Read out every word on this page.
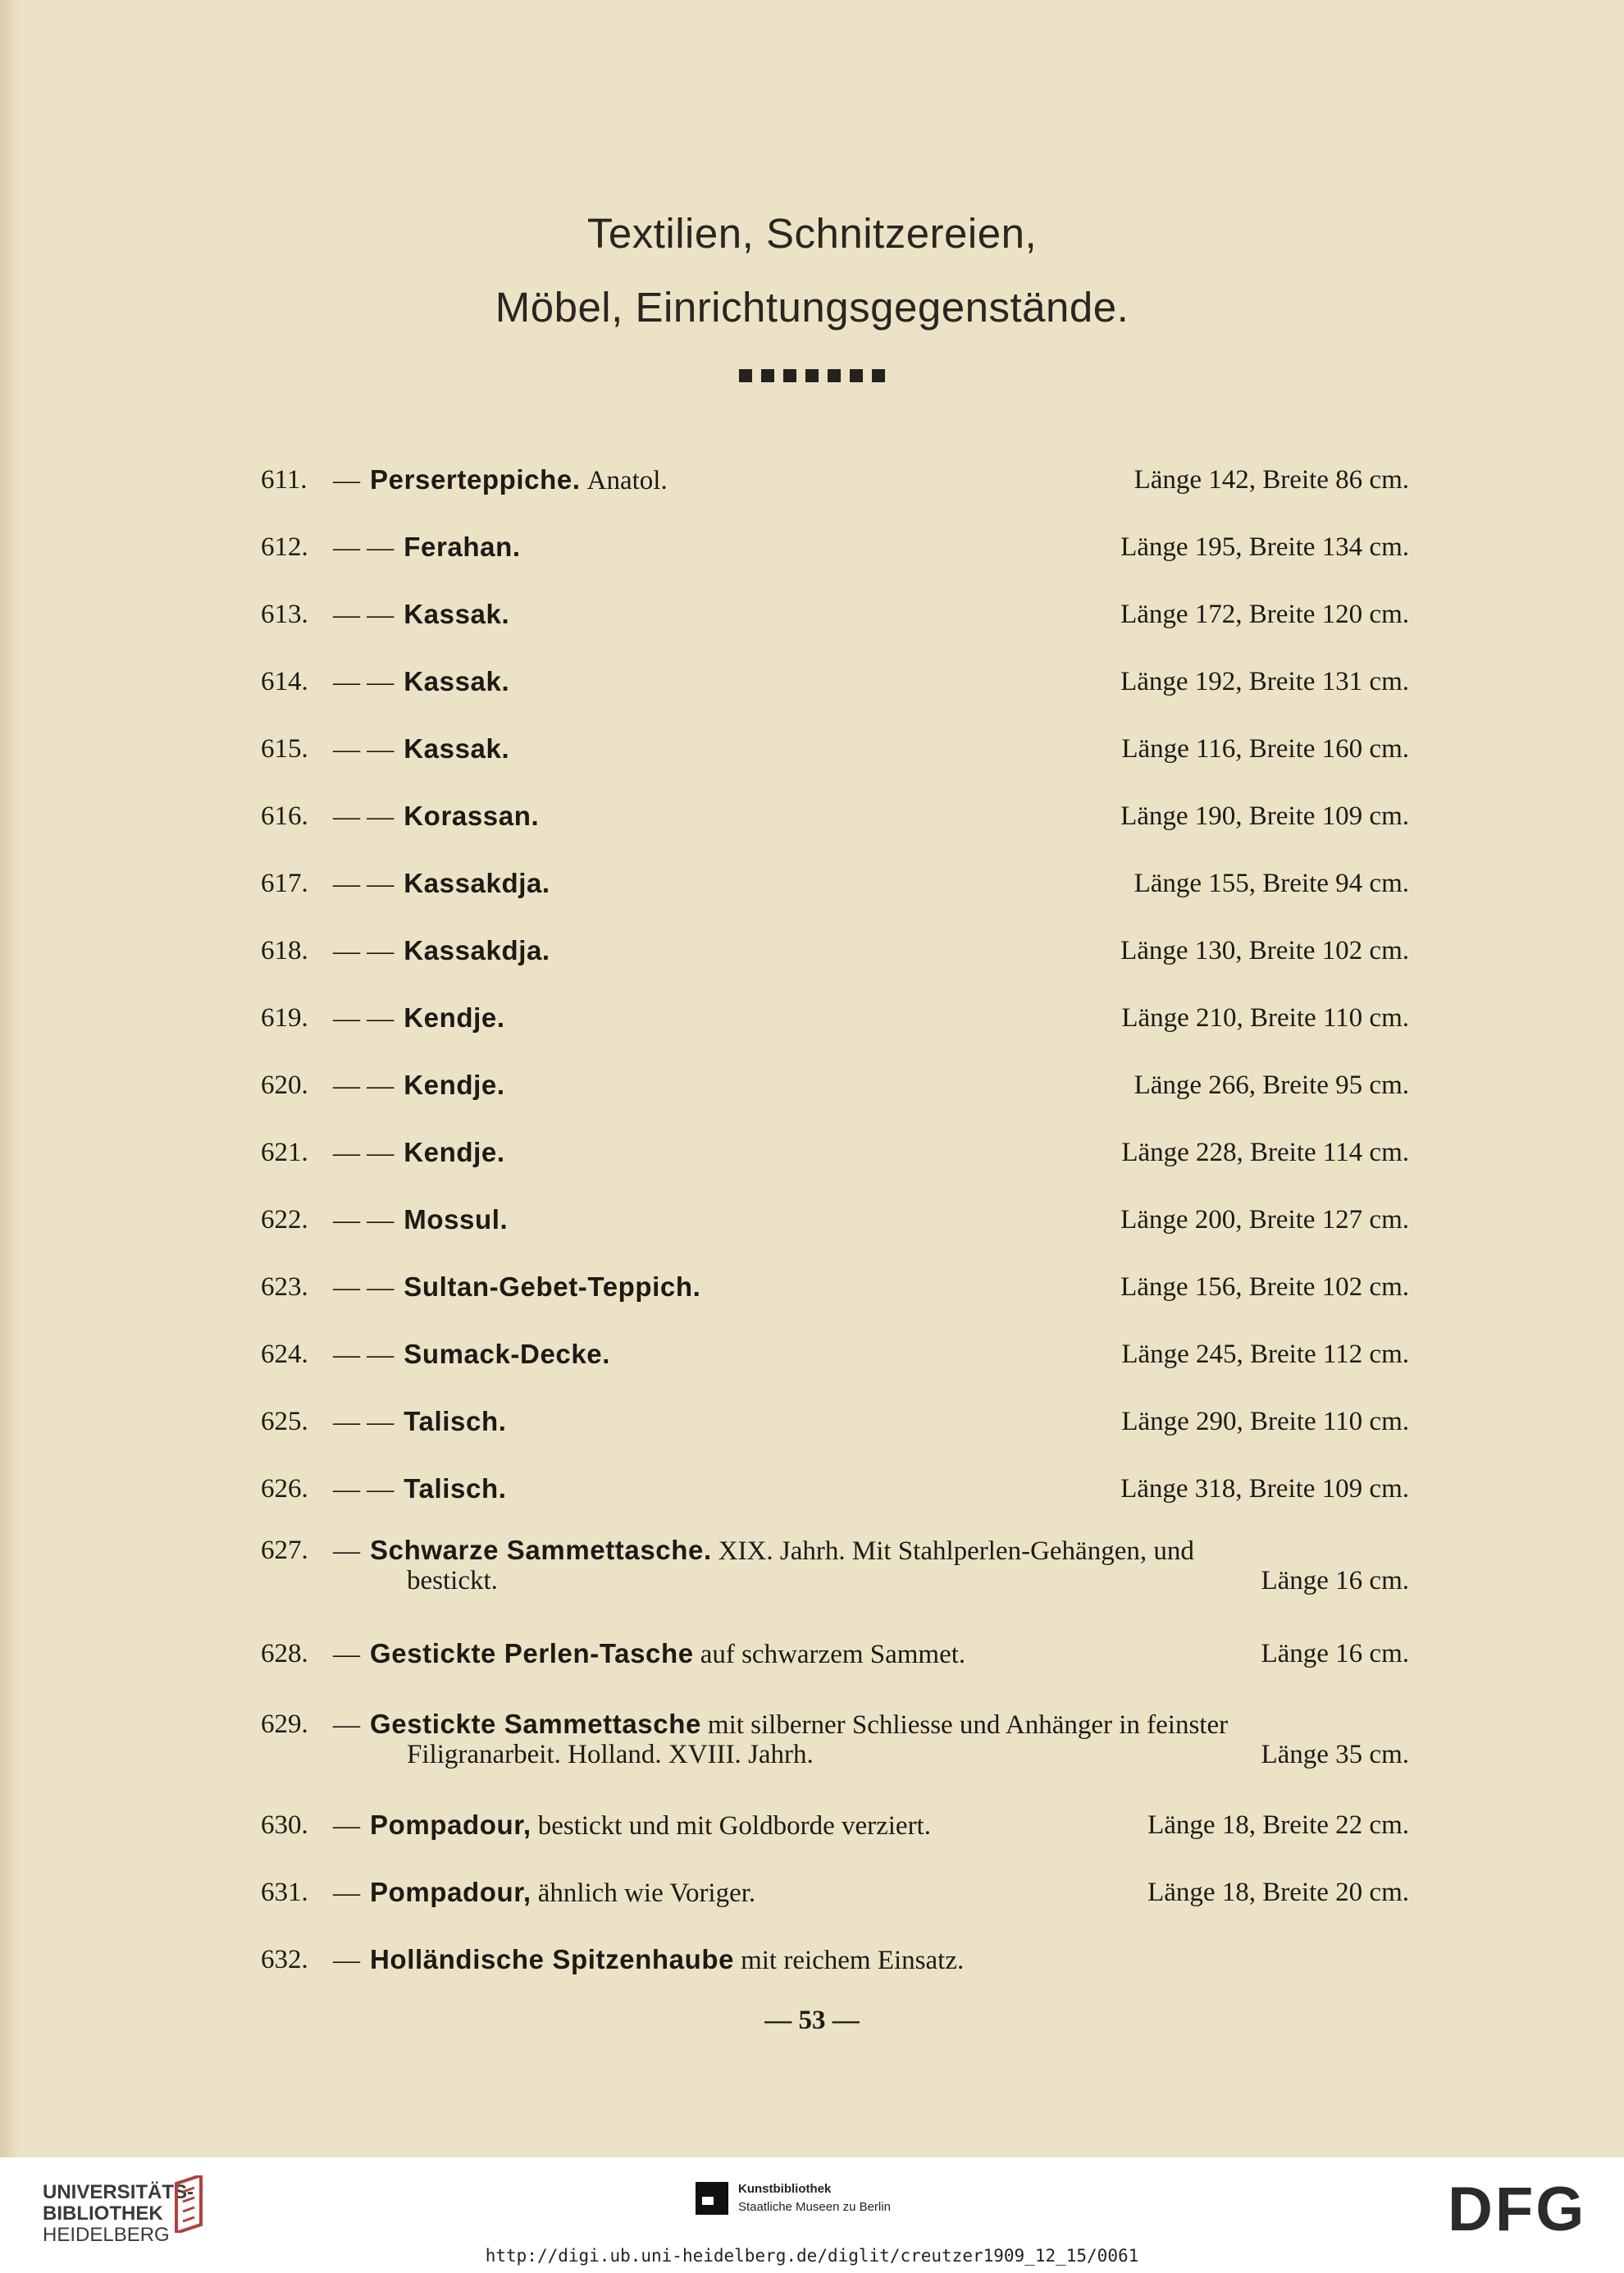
Textilien, Schnitzereien,
Möbel, Einrichtungsgegenstände.
611. — Perserteppiche. Anatol.	Länge 142, Breite 86 cm.
612. — — Ferahan.	Länge 195, Breite 134 cm.
613. — — Kassak.	Länge 172, Breite 120 cm.
614. — — Kassak.	Länge 192, Breite 131 cm.
615. — — Kassak.	Länge 116, Breite 160 cm.
616. — — Korassan.	Länge 190, Breite 109 cm.
617. — — Kassakdja.	Länge 155, Breite 94 cm.
618. — — Kassakdja.	Länge 130, Breite 102 cm.
619. — — Kendje.	Länge 210, Breite 110 cm.
620. — — Kendje.	Länge 266, Breite 95 cm.
621. — — Kendje.	Länge 228, Breite 114 cm.
622. — — Mossul.	Länge 200, Breite 127 cm.
623. — — Sultan-Gebet-Teppich.	Länge 156, Breite 102 cm.
624. — — Sumack-Decke.	Länge 245, Breite 112 cm.
625. — — Talisch.	Länge 290, Breite 110 cm.
626. — — Talisch.	Länge 318, Breite 109 cm.
627. — Schwarze Sammettasche. XIX. Jahrh. Mit Stahlperlen-Gehängen, und
bestickt.	Länge 16 cm.
628. — Gestickte Perlen-Tasche auf schwarzem Sammet.	Länge 16 cm.
629. — Gestickte Sammettasche mit silberner Schliesse und Anhänger in feinster
Filigranarbeit. Holland. XVIII. Jahrh.	Länge 35 cm.
630. — Pompadour, bestickt und mit Goldborde verziert.	Länge 18, Breite 22 cm.
631. — Pompadour, ähnlich wie Voriger.	Länge 18, Breite 20 cm.
632. — Holländische Spitzenhaube mit reichem Einsatz.
— 53 —
UNIVERSITÄTS-
BIBLIOTHEK
HEIDELBERG
Kunstbibliothek
Staatliche Museen zu Berlin	DFG
http://digi.ub.uni-heidelberg.de/diglit/creutzer1909_12_15/0061
